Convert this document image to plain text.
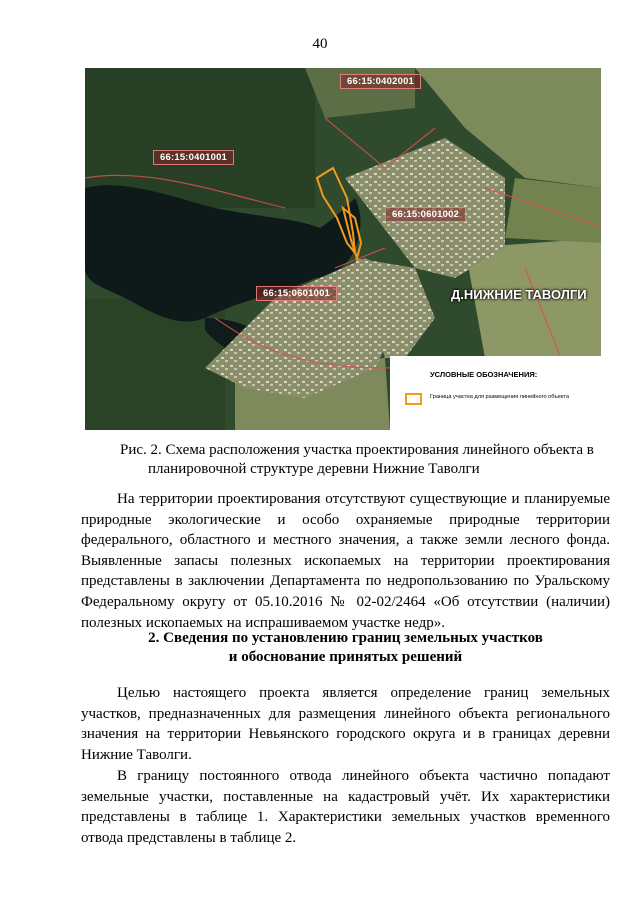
40
66:15:0402001
66:15:0401001
66:15:0601002
66:15:0601001	Д.НИЖНИЕ ТАВОЛГИ
УСЛОВНЫЕ ОБОЗНАЧЕНИЯ:
Граница участка для размещения линейного объекта
Рис. 2. Схема расположения участка проектирования линейного объекта в
планировочной структуре деревни Нижние Таволги

На территории проектирования отсутствуют существующие и планируемые природные экологические и особо охраняемые природные территории федерального, областного и местного значения, а также земли лесного фонда. Выявленные запасы полезных ископаемых на территории проектирования представлены в заключении Департамента по недропользованию по Уральскому Федеральному округу от 05.10.2016 № 02-02/2464 «Об отсутствии (наличии) полезных ископаемых на испрашиваемом участке недр».

2. Сведения по установлению границ земельных участков
и обоснование принятых решений

Целью настоящего проекта является определение границ земельных участков, предназначенных для размещения линейного объекта регионального значения на территории Невьянского городского округа и в границах деревни Нижние Таволги.

В границу постоянного отвода линейного объекта частично попадают земельные участки, поставленные на кадастровый учёт. Их характеристики представлены в таблице 1. Характеристики земельных участков временного отвода представлены в таблице 2.
